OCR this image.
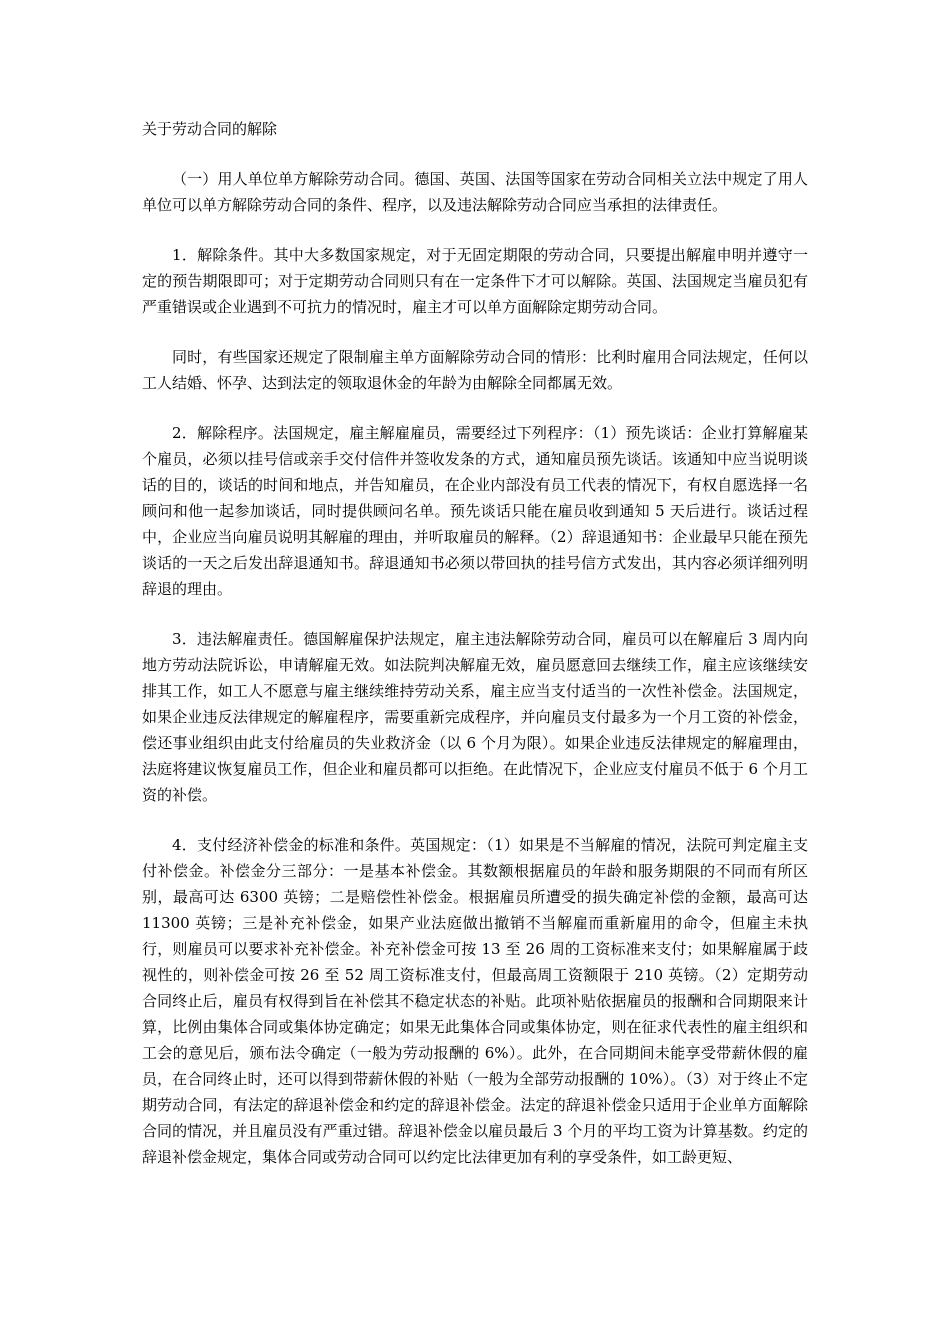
关于劳动合同的解除

（一）用人单位单方解除劳动合同。德国、英国、法国等国家在劳动合同相关立法中规定了用人单位可以单方解除劳动合同的条件、程序，以及违法解除劳动合同应当承担的法律责任。

1．解除条件。其中大多数国家规定，对于无固定期限的劳动合同，只要提出解雇申明并遵守一定的预告期限即可；对于定期劳动合同则只有在一定条件下才可以解除。英国、法国规定当雇员犯有严重错误或企业遇到不可抗力的情况时，雇主才可以单方面解除定期劳动合同。

同时，有些国家还规定了限制雇主单方面解除劳动合同的情形：比利时雇用合同法规定，任何以工人结婚、怀孕、达到法定的领取退休金的年龄为由解除全同都属无效。

2．解除程序。法国规定，雇主解雇雇员，需要经过下列程序：（1）预先谈话：企业打算解雇某个雇员，必须以挂号信或亲手交付信件并签收发条的方式，通知雇员预先谈话。该通知中应当说明谈话的目的，谈话的时间和地点，并告知雇员，在企业内部没有员工代表的情况下，有权自愿选择一名顾问和他一起参加谈话，同时提供顾问名单。预先谈话只能在雇员收到通知 5 天后进行。谈话过程中，企业应当向雇员说明其解雇的理由，并听取雇员的解释。（2）辞退通知书：企业最早只能在预先谈话的一天之后发出辞退通知书。辞退通知书必须以带回执的挂号信方式发出，其内容必须详细列明辞退的理由。

3．违法解雇责任。德国解雇保护法规定，雇主违法解除劳动合同，雇员可以在解雇后 3 周内向地方劳动法院诉讼，申请解雇无效。如法院判决解雇无效，雇员愿意回去继续工作，雇主应该继续安排其工作，如工人不愿意与雇主继续维持劳动关系，雇主应当支付适当的一次性补偿金。法国规定，如果企业违反法律规定的解雇程序，需要重新完成程序，并向雇员支付最多为一个月工资的补偿金，偿还事业组织由此支付给雇员的失业救济金（以 6 个月为限）。如果企业违反法律规定的解雇理由，法庭将建议恢复雇员工作，但企业和雇员都可以拒绝。在此情况下，企业应支付雇员不低于 6 个月工资的补偿。

4．支付经济补偿金的标准和条件。英国规定：（1）如果是不当解雇的情况，法院可判定雇主支付补偿金。补偿金分三部分：一是基本补偿金。其数额根据雇员的年龄和服务期限的不同而有所区别，最高可达 6300 英镑；二是赔偿性补偿金。根据雇员所遭受的损失确定补偿的金额，最高可达 11300 英镑；三是补充补偿金，如果产业法庭做出撤销不当解雇而重新雇用的命令，但雇主未执行，则雇员可以要求补充补偿金。补充补偿金可按 13 至 26 周的工资标准来支付；如果解雇属于歧视性的，则补偿金可按 26 至 52 周工资标准支付，但最高周工资额限于 210 英镑。（2）定期劳动合同终止后，雇员有权得到旨在补偿其不稳定状态的补贴。此项补贴依据雇员的报酬和合同期限来计算，比例由集体合同或集体协定确定；如果无此集体合同或集体协定，则在征求代表性的雇主组织和工会的意见后，颁布法令确定（一般为劳动报酬的 6%）。此外，在合同期间未能享受带薪休假的雇员，在合同终止时，还可以得到带薪休假的补贴（一般为全部劳动报酬的 10%）。（3）对于终止不定期劳动合同，有法定的辞退补偿金和约定的辞退补偿金。法定的辞退补偿金只适用于企业单方面解除合同的情况，并且雇员没有严重过错。辞退补偿金以雇员最后 3 个月的平均工资为计算基数。约定的辞退补偿金规定，集体合同或劳动合同可以约定比法律更加有利的享受条件，如工龄更短、
